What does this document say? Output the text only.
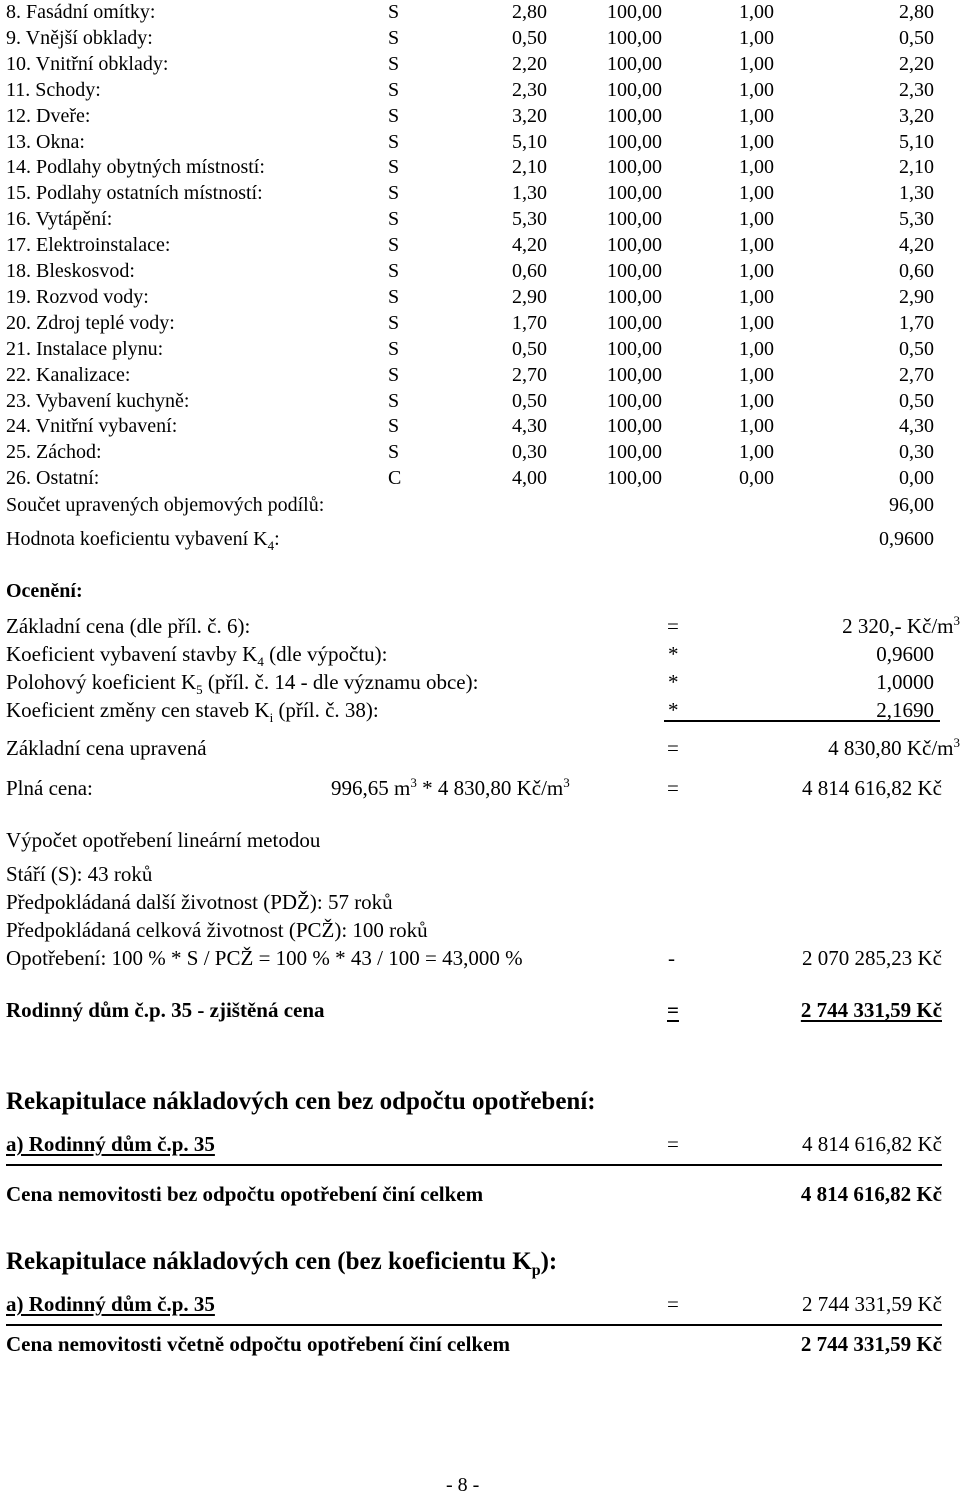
8. Fasádní omítky:	S	2,80	100,00	1,00	2,80
9. Vnější obklady:	S	0,50	100,00	1,00	0,50
10. Vnitřní obklady:	S	2,20	100,00	1,00	2,20
11. Schody:	S	2,30	100,00	1,00	2,30
12. Dveře:	S	3,20	100,00	1,00	3,20
13. Okna:	S	5,10	100,00	1,00	5,10
14. Podlahy obytných místností:	S	2,10	100,00	1,00	2,10
15. Podlahy ostatních místností:	S	1,30	100,00	1,00	1,30
16. Vytápění:	S	5,30	100,00	1,00	5,30
17. Elektroinstalace:	S	4,20	100,00	1,00	4,20
18. Bleskosvod:	S	0,60	100,00	1,00	0,60
19. Rozvod vody:	S	2,90	100,00	1,00	2,90
20. Zdroj teplé vody:	S	1,70	100,00	1,00	1,70
21. Instalace plynu:	S	0,50	100,00	1,00	0,50
22. Kanalizace:	S	2,70	100,00	1,00	2,70
23. Vybavení kuchyně:	S	0,50	100,00	1,00	0,50
24. Vnitřní vybavení:	S	4,30	100,00	1,00	4,30
25. Záchod:	S	0,30	100,00	1,00	0,30
26. Ostatní:	C	4,00	100,00	0,00	0,00
Součet upravených objemových podílů:	96,00
Hodnota koeficientu vybavení $K_4$:	0,9600
Ocenění:
Základní cena (dle příl. č. 6):	=	2 320,- $Kč/m^3$
Koeficient vybavení stavby $K_4$ (dle výpočtu):	*	0,9600
Polohový koeficient $K_5$ (příl. č. 14 - dle významu obce):	*	1,0000
Koeficient změny cen staveb $K_i$ (příl. č. 38):	*	2,1690
Základní cena upravená	=	4 830,80 $Kč/m^3$
Plná cena:	996,65 $m^3 * 4$ 830,80 $Kč/m^3$	=	4 814 616,82 Kč
Výpočet opotřebení lineární metodou
Stáří (S): 43 roků
Předpokládaná další životnost (PDŽ): 57 roků
Předpokládaná celková životnost (PCŽ): 100 roků
Opotřebení: 100 % * S / PCŽ = 100 % * 43 / 100 = 43,000 %	-	2 070 285,23 Kč
Rodinný dům č.p. 35 - zjištěná cena	=	2 744 331,59 Kč
Rekapitulace nákladových cen bez odpočtu opotřebení:
a) Rodinný dům č.p. 35	=	4 814 616,82 Kč
Cena nemovitosti bez odpočtu opotřebení činí celkem	4 814 616,82 Kč
Rekapitulace nákladových cen (bez koeficientu $K_p$):
a) Rodinný dům č.p. 35	=	2 744 331,59 Kč
Cena nemovitosti včetně odpočtu opotřebení činí celkem	2 744 331,59 Kč
- 8 -
